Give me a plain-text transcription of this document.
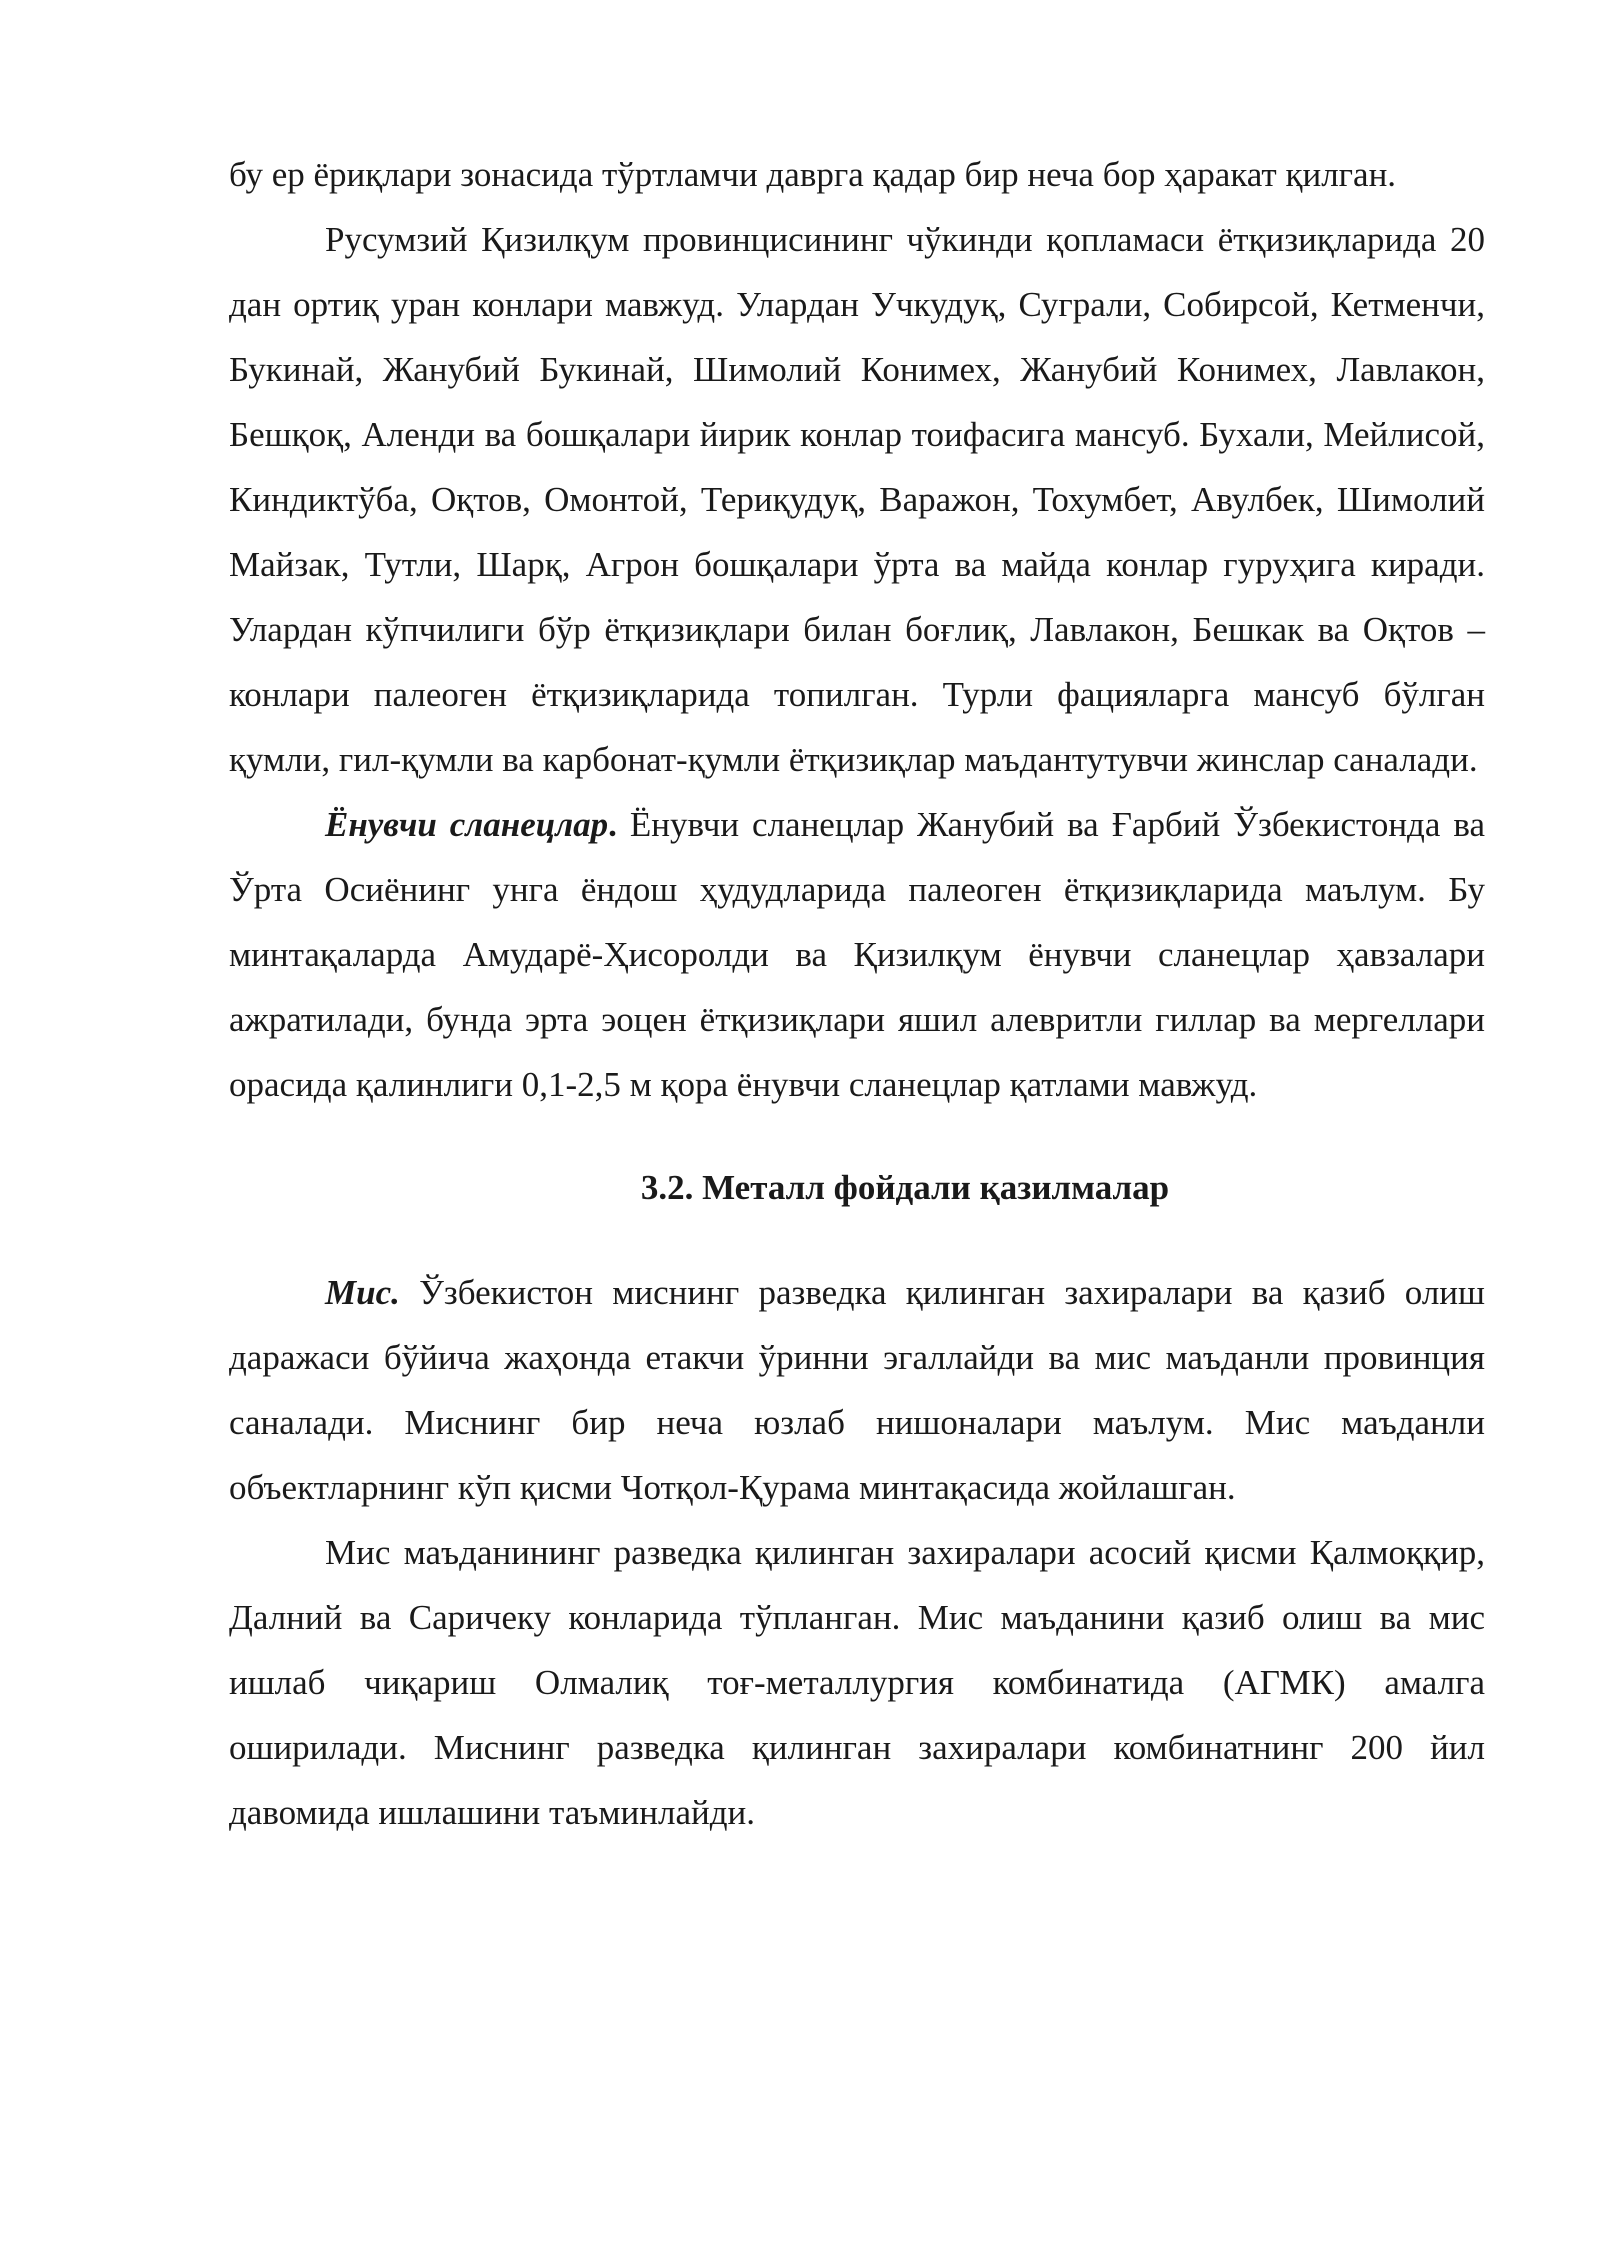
бу ер ёриқлари зонасида тўртламчи даврга қадар бир неча бор ҳаракат қилган.

Русумзий Қизилқум провинцисининг чўкинди қопламаси ётқизиқларида 20 дан ортиқ уран конлари мавжуд. Улардан Учкудуқ, Суграли, Собирсой, Кетменчи, Букинай, Жанубий Букинай, Шимолий Конимех, Жанубий Конимех, Лавлакон, Бешқоқ, Аленди ва бошқалари йирик конлар тоифасига мансуб. Бухали, Мейлисой, Киндиктўба, Оқтов, Омонтой, Териқудуқ, Варажон, Тохумбет, Авулбек, Шимолий Майзак, Тутли, Шарқ, Агрон бошқалари ўрта ва майда конлар гуруҳига киради. Улардан кўпчилиги бўр ётқизиқлари билан боғлиқ, Лавлакон, Бешкак ва Оқтов – конлари палеоген ётқизиқларида топилган. Турли фацияларга мансуб бўлган қумли, гил-қумли ва карбонат-қумли ётқизиқлар маъдантутувчи жинслар саналади.

Ёнувчи сланецлар. Ёнувчи сланецлар Жанубий ва Ғарбий Ўзбекистонда ва Ўрта Осиёнинг унга ёндош ҳудудларида палеоген ётқизиқларида маълум. Бу минтақаларда Амударё-Ҳисоролди ва Қизилқум ёнувчи сланецлар ҳавзалари ажратилади, бунда эрта эоцен ётқизиқлари яшил алевритли гиллар ва мергеллари орасида қалинлиги 0,1-2,5 м қора ёнувчи сланецлар қатлами мавжуд.

3.2. Металл фойдали қазилмалар

Мис. Ўзбекистон миснинг разведка қилинган захиралари ва қазиб олиш даражаси бўйича жаҳонда етакчи ўринни эгаллайди ва мис маъданли провинция саналади. Миснинг бир неча юзлаб нишоналари маълум. Мис маъданли объектларнинг кўп қисми Чотқол-Қурама минтақасида жойлашган.

Мис маъданининг разведка қилинган захиралари асосий қисми Қалмоққир, Далний ва Саричеку конларида тўпланган. Мис маъданини қазиб олиш ва мис ишлаб чиқариш Олмалиқ тоғ-металлургия комбинатида (АГМК) амалга оширилади. Миснинг разведка қилинган захиралари комбинатнинг 200 йил давомида ишлашини таъминлайди.
